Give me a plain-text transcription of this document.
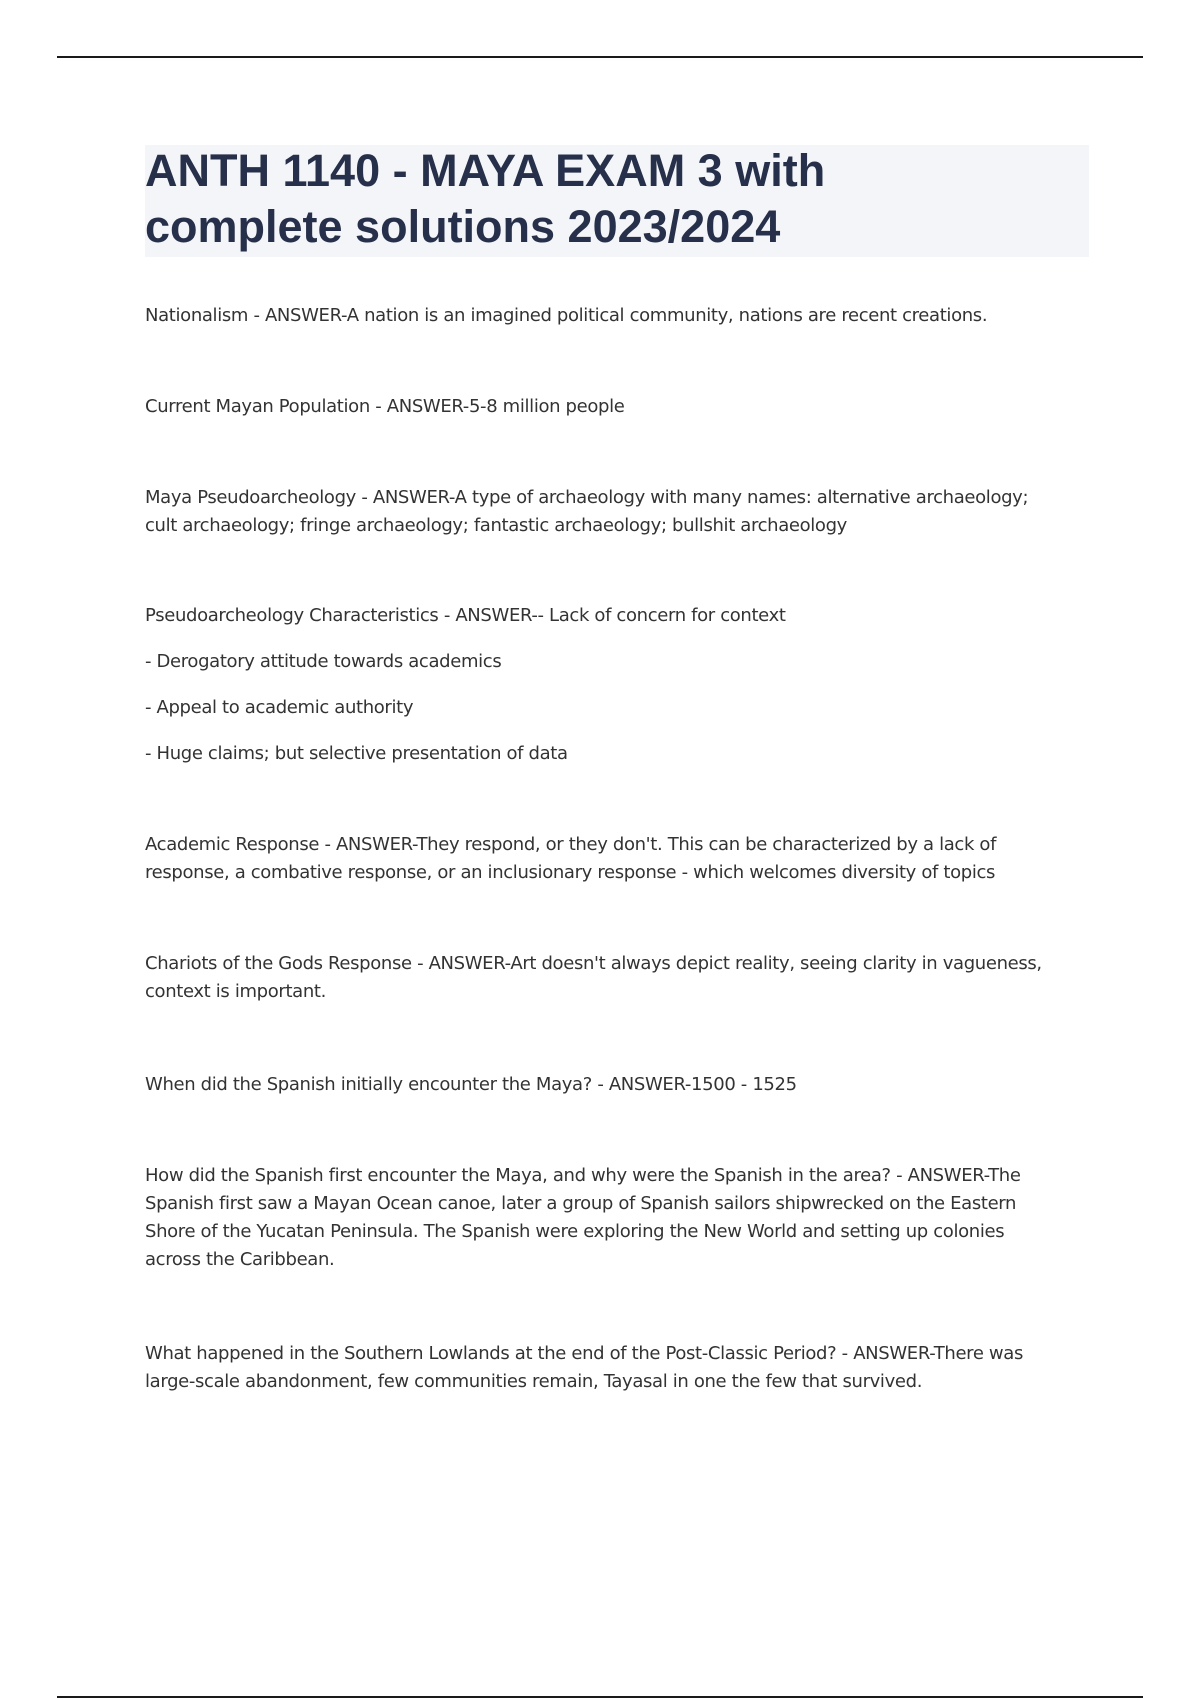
ANTH 1140 - MAYA EXAM 3 with
complete solutions 2023/2024

Nationalism - ANSWER-A nation is an imagined political community, nations are recent creations.

Current Mayan Population - ANSWER-5-8 million people

Maya Pseudoarcheology - ANSWER-A type of archaeology with many names: alternative archaeology;
cult archaeology; fringe archaeology; fantastic archaeology; bullshit archaeology

Pseudoarcheology Characteristics - ANSWER-- Lack of concern for context

- Derogatory attitude towards academics

- Appeal to academic authority

- Huge claims; but selective presentation of data

Academic Response - ANSWER-They respond, or they don't. This can be characterized by a lack of
response, a combative response, or an inclusionary response - which welcomes diversity of topics

Chariots of the Gods Response - ANSWER-Art doesn't always depict reality, seeing clarity in vagueness,
context is important.

When did the Spanish initially encounter the Maya? - ANSWER-1500 - 1525

How did the Spanish first encounter the Maya, and why were the Spanish in the area? - ANSWER-The
Spanish first saw a Mayan Ocean canoe, later a group of Spanish sailors shipwrecked on the Eastern
Shore of the Yucatan Peninsula. The Spanish were exploring the New World and setting up colonies
across the Caribbean.

What happened in the Southern Lowlands at the end of the Post-Classic Period? - ANSWER-There was
large-scale abandonment, few communities remain, Tayasal in one the few that survived.
